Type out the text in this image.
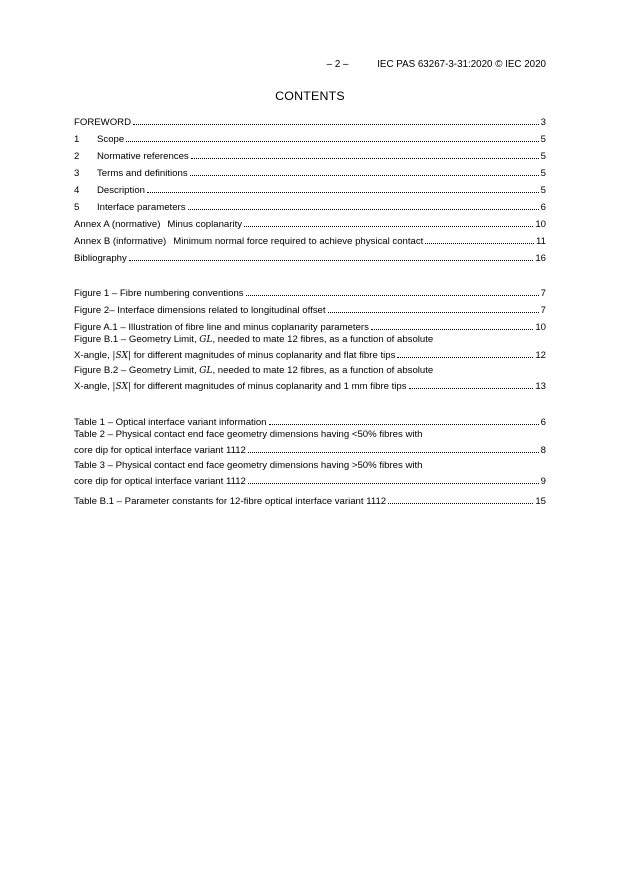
– 2 –	IEC PAS 63267-3-31:2020 © IEC 2020
CONTENTS
FOREWORD	3
1	Scope	5
2	Normative references	5
3	Terms and definitions	5
4	Description	5
5	Interface parameters	6
Annex A (normative) Minus coplanarity	10
Annex B (informative) Minimum normal force required to achieve physical contact	11
Bibliography	16
Figure 1 – Fibre numbering conventions	7
Figure 2– Interface dimensions related to longitudinal offset	7
Figure A.1 – Illustration of fibre line and minus coplanarity parameters	10
Figure B.1 – Geometry Limit, GL, needed to mate 12 fibres, as a function of absolute
X-angle, |SX| for different magnitudes of minus coplanarity and flat fibre tips	12
Figure B.2 – Geometry Limit, GL, needed to mate 12 fibres, as a function of absolute
X-angle, |SX| for different magnitudes of minus coplanarity and 1 mm fibre tips	13
Table 1 – Optical interface variant information	6
Table 2 – Physical contact end face geometry dimensions having <50% fibres with
core dip for optical interface variant 1112	8
Table 3 – Physical contact end face geometry dimensions having >50% fibres with
core dip for optical interface variant 1112	9
Table B.1 – Parameter constants for 12-fibre optical interface variant 1112	15
